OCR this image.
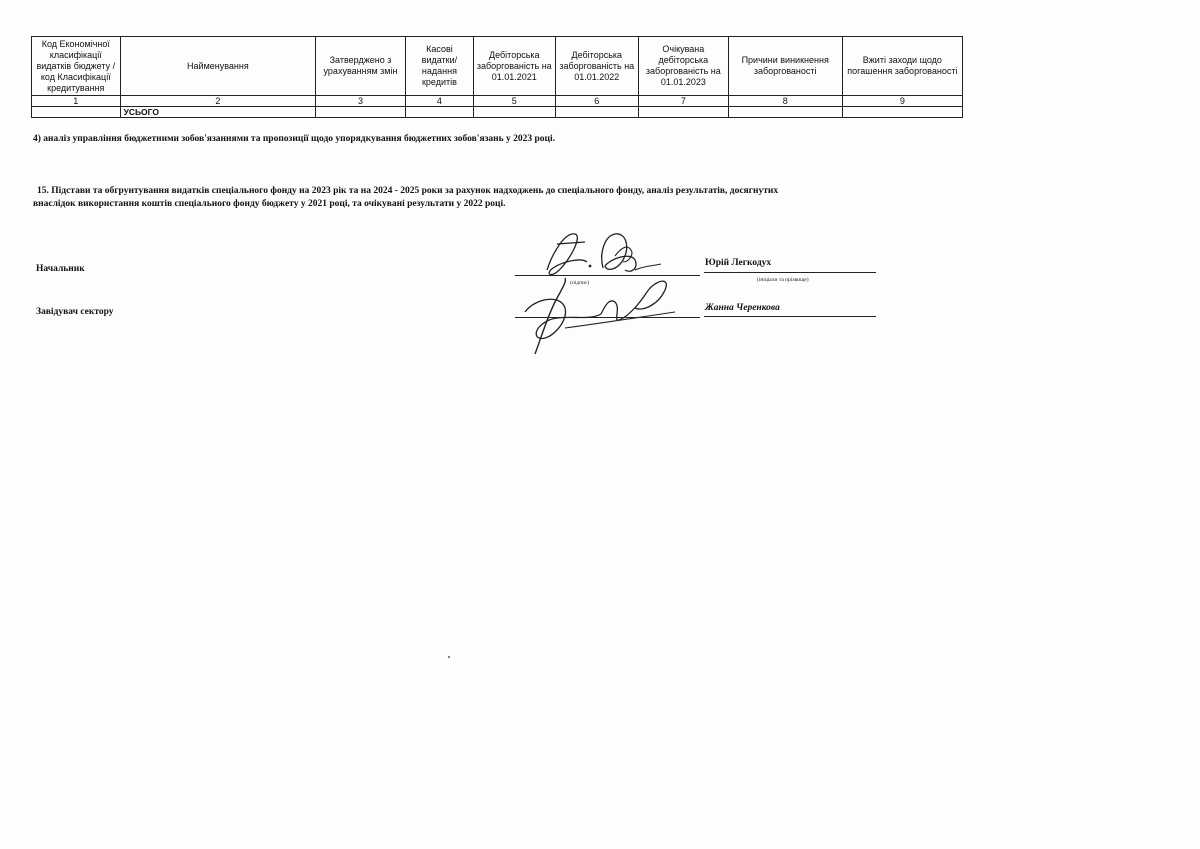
Код Економічної класифікації видатків бюджету / код Класифікації кредитування	Найменування	Затверджено з урахуванням змін	Касові видатки/ надання кредитів	Дебіторська заборгованість на 01.01.2021	Дебіторська заборгованість на 01.01.2022	Очікувана дебіторська заборгованість на 01.01.2023	Причини виникнення заборгованості	Вжиті заходи щодо погашення заборгованості
1	2	3	4	5	6	7	8	9
	УСЬОГО							
4) аналіз управління бюджетними зобов'язаннями та пропозиції щодо упорядкування бюджетних зобов'язань у 2023 році.
15. Підстави та обгрунтування видатків спеціального фонду на 2023 рік та на 2024 - 2025 роки за рахунок надходжень до спеціального фонду, аналіз результатів, досягнутих
внаслідок використання коштів спеціального фонду бюджету у 2021 році, та очікувані результати у 2022 році.
Начальник
Юрій Легкодух
(підпис)	(ініціали та прізвище)
Завідувач сектору	Жанна Черенкова
